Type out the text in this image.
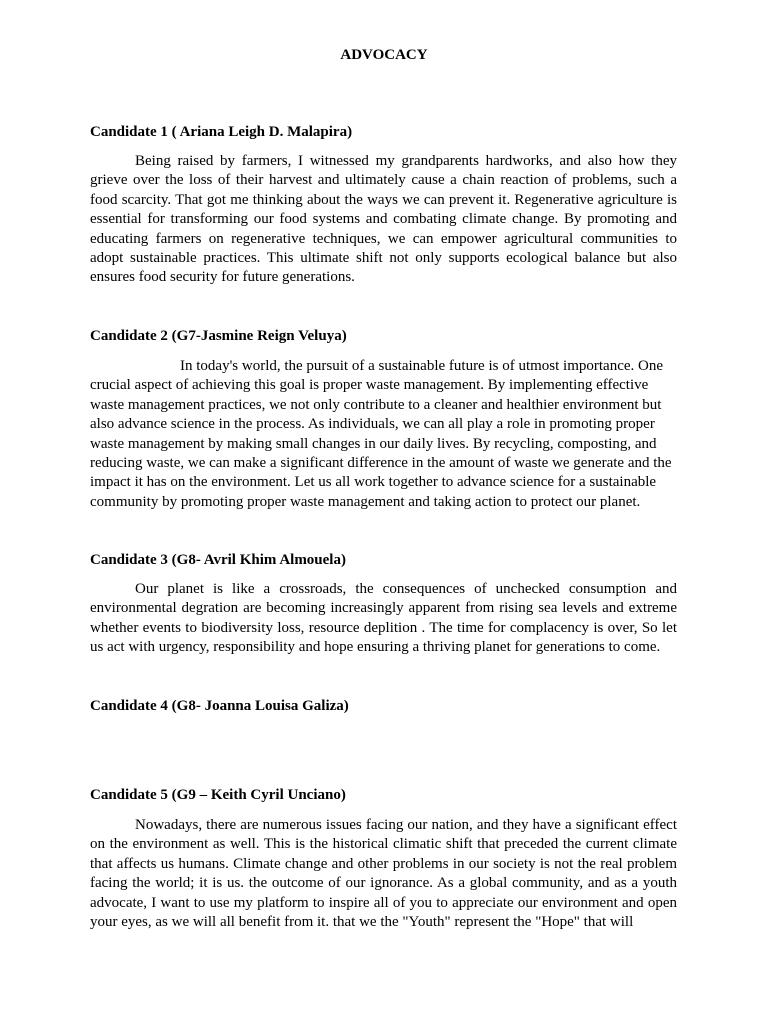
ADVOCACY
Candidate 1 ( Ariana Leigh D. Malapira)

Being raised by farmers, I witnessed my grandparents hardworks, and also how they grieve over the loss of their harvest and ultimately cause a chain reaction of problems, such a food scarcity. That got me thinking about the ways we can prevent it. Regenerative agriculture is essential for transforming our food systems and combating climate change. By promoting and educating farmers on regenerative techniques, we can empower agricultural communities to adopt sustainable practices. This ultimate shift not only supports ecological balance but also ensures food security for future generations.

Candidate 2 (G7-Jasmine Reign Veluya)

In today's world, the pursuit of a sustainable future is of utmost importance. One crucial aspect of achieving this goal is proper waste management. By implementing effective waste management practices, we not only contribute to a cleaner and healthier environment but also advance science in the process. As individuals, we can all play a role in promoting proper waste management by making small changes in our daily lives. By recycling, composting, and reducing waste, we can make a significant difference in the amount of waste we generate and the impact it has on the environment. Let us all work together to advance science for a sustainable community by promoting proper waste management and taking action to protect our planet.

Candidate 3 (G8- Avril Khim Almouela)

Our planet is like a crossroads, the consequences of unchecked consumption and environmental degration are becoming increasingly apparent from rising sea levels and extreme whether events to biodiversity loss, resource deplition . The time for complacency is over, So let us act with urgency, responsibility and hope ensuring a thriving planet for generations to come.

Candidate 4 (G8- Joanna Louisa Galiza)
Candidate 5 (G9 – Keith Cyril Unciano)

Nowadays, there are numerous issues facing our nation, and they have a significant effect on the environment as well. This is the historical climatic shift that preceded the current climate that affects us humans. Climate change and other problems in our society is not the real problem facing the world; it is us. the outcome of our ignorance. As a global community, and as a youth advocate, I want to use my platform to inspire all of you to appreciate our environment and open your eyes, as we will all benefit from it. that we the "Youth" represent the "Hope" that will
